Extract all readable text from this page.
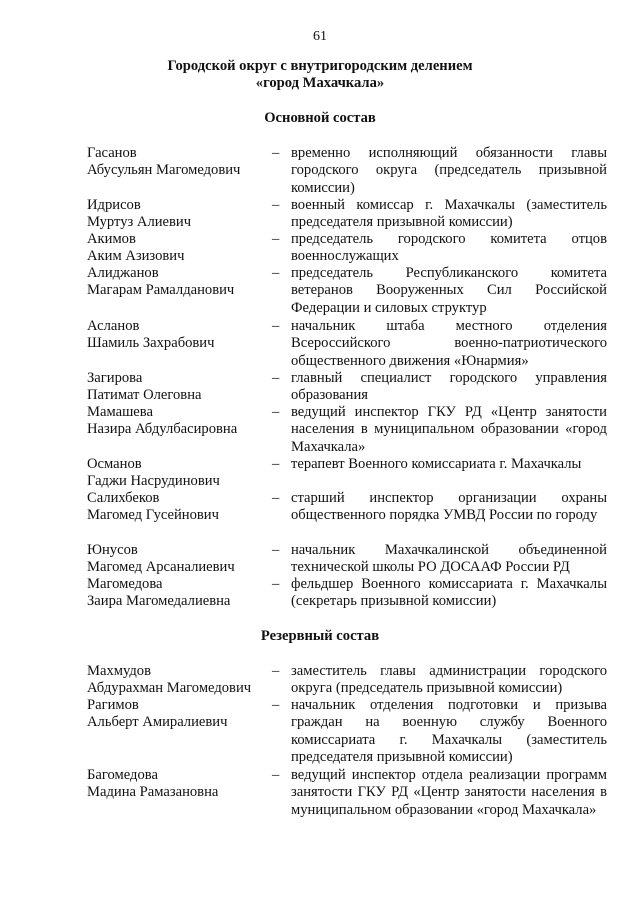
61
Городской округ с внутригородским делением
«город Махачкала»
Основной состав
Гасанов
Абусульян Магомедович
– временно исполняющий обязанности главы городского округа (председатель призывной комиссии)
Идрисов
Муртуз Алиевич
– военный комиссар г. Махачкалы (заместитель председателя призывной комиссии)
Акимов
Аким Азизович
– председатель городского комитета отцов военнослужащих
Алиджанов
Магарам Рамалданович
– председатель Республиканского комитета ветеранов Вооруженных Сил Российской Федерации и силовых структур
Асланов
Шамиль Захрабович
– начальник штаба местного отделения Всероссийского военно-патриотического общественного движения «Юнармия»
Загирова
Патимат Олеговна
– главный специалист городского управления образования
Мамашева
Назира Абдулбасировна
– ведущий инспектор ГКУ РД «Центр занятости населения в муниципальном образовании «город Махачкала»
Османов
Гаджи Насрудинович
– терапевт Военного комиссариата г. Махачкалы
Салихбеков
Магомед Гусейнович
– старший инспектор организации охраны общественного порядка УМВД России по городу
Юнусов
Магомед Арсаналиевич
– начальник Махачкалинской объединенной технической школы РО ДОСААФ России РД
Магомедова
Заира Магомедалиевна
– фельдшер Военного комиссариата г. Махачкалы (секретарь призывной комиссии)
Резервный состав
Махмудов
Абдурахман Магомедович
– заместитель главы администрации городского округа (председатель призывной комиссии)
Рагимов
Альберт Амиралиевич
– начальник отделения подготовки и призыва граждан на военную службу Военного комиссариата г. Махачкалы (заместитель председателя призывной комиссии)
Багомедова
Мадина Рамазановна
– ведущий инспектор отдела реализации программ занятости ГКУ РД «Центр занятости населения в муниципальном образовании «город Махачкала»
